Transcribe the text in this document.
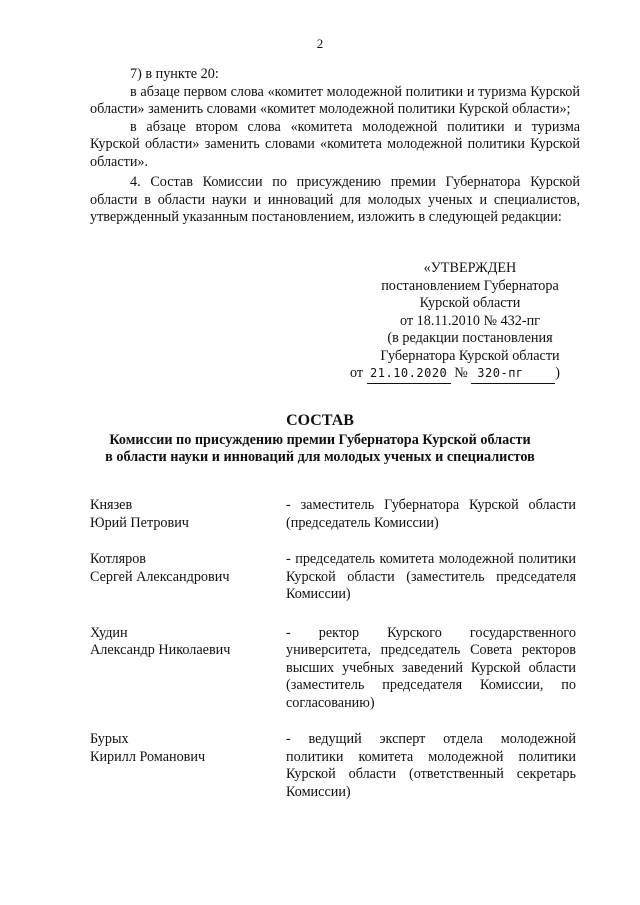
2

7) в пункте 20:

в абзаце первом слова «комитет молодежной политики и туризма Курской области» заменить словами «комитет молодежной политики Курской области»;

в абзаце втором слова «комитета молодежной политики и туризма Курской области» заменить словами «комитета молодежной политики Курской области».

4. Состав Комиссии по присуждению премии Губернатора Курской области в области науки и инноваций для молодых ученых и специалистов, утвержденный указанным постановлением, изложить в следующей редакции:

«УТВЕРЖДЕН
постановлением Губернатора
Курской области
от 18.11.2010 № 432-пг
(в редакции постановления
Губернатора Курской области
от 21.10.2020 № 320-пг )
СОСТАВ
Комиссии по присуждению премии Губернатора Курской области
в области науки и инноваций для молодых ученых и специалистов
Князев
Юрий Петрович
- заместитель Губернатора Курской области (председатель Комиссии)
Котляров
Сергей Александрович
- председатель комитета молодежной политики Курской области (заместитель председателя Комиссии)
Худин
Александр Николаевич
- ректор Курского государственного университета, председатель Совета ректоров высших учебных заведений Курской области (заместитель председателя Комиссии, по согласованию)
Бурых
Кирилл Романович
- ведущий эксперт отдела молодежной политики комитета молодежной политики Курской области (ответственный секретарь Комиссии)
